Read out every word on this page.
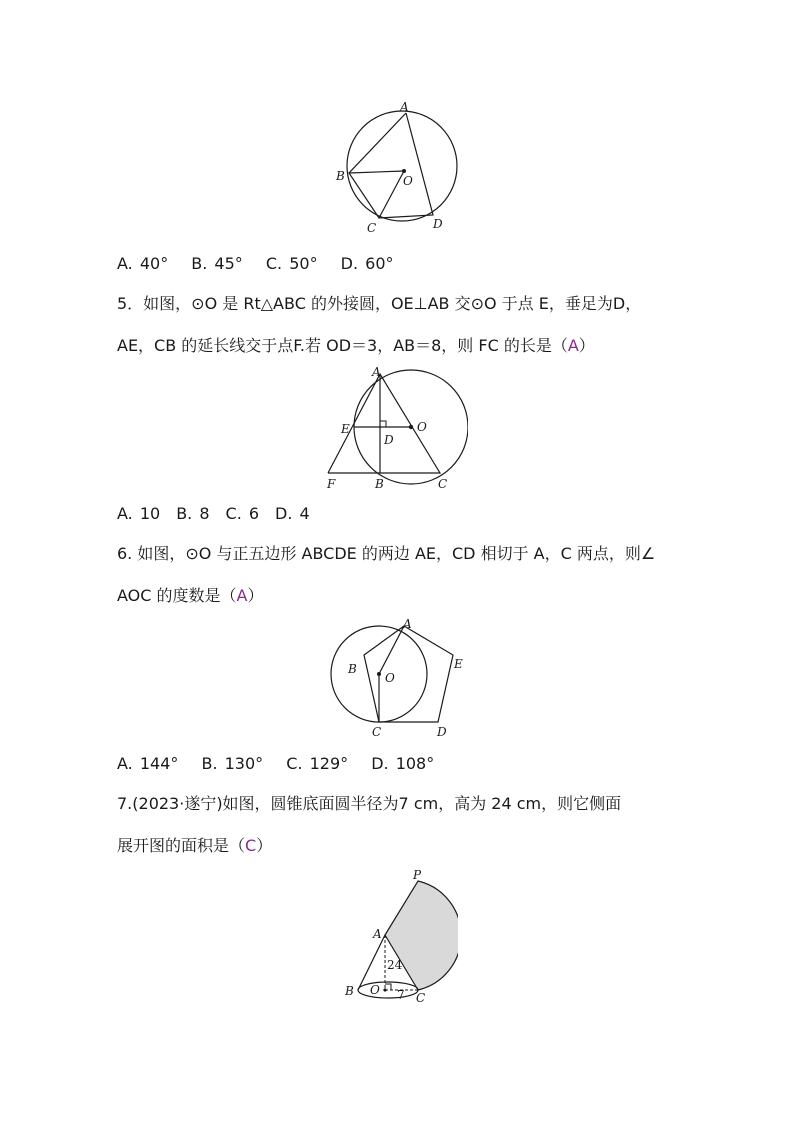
A
B	O
C	D
A. 40°　 B. 45°　 C. 50°　 D. 60°
5．如图，⊙O 是 Rt△ABC 的外接圆，OE⊥AB 交⊙O 于点 E，垂足为D，
AE，CB 的延长线交于点F.若 OD＝3，AB＝8，则 FC 的长是（A）
A
E	O
D
F	B	C
A. 10　B. 8　C. 6　D. 4
6. 如图，⊙O 与正五边形 ABCDE 的两边 AE，CD 相切于 A，C 两点，则∠
AOC 的度数是（A）
A
B
O
E
C	D
A. 144°　 B. 130°　 C. 129°　 D. 108°
7.(2023·遂宁)如图，圆锥底面圆半径为7 cm，高为 24 cm，则它侧面
展开图的面积是（C）
P
A
24
B O 7 C
